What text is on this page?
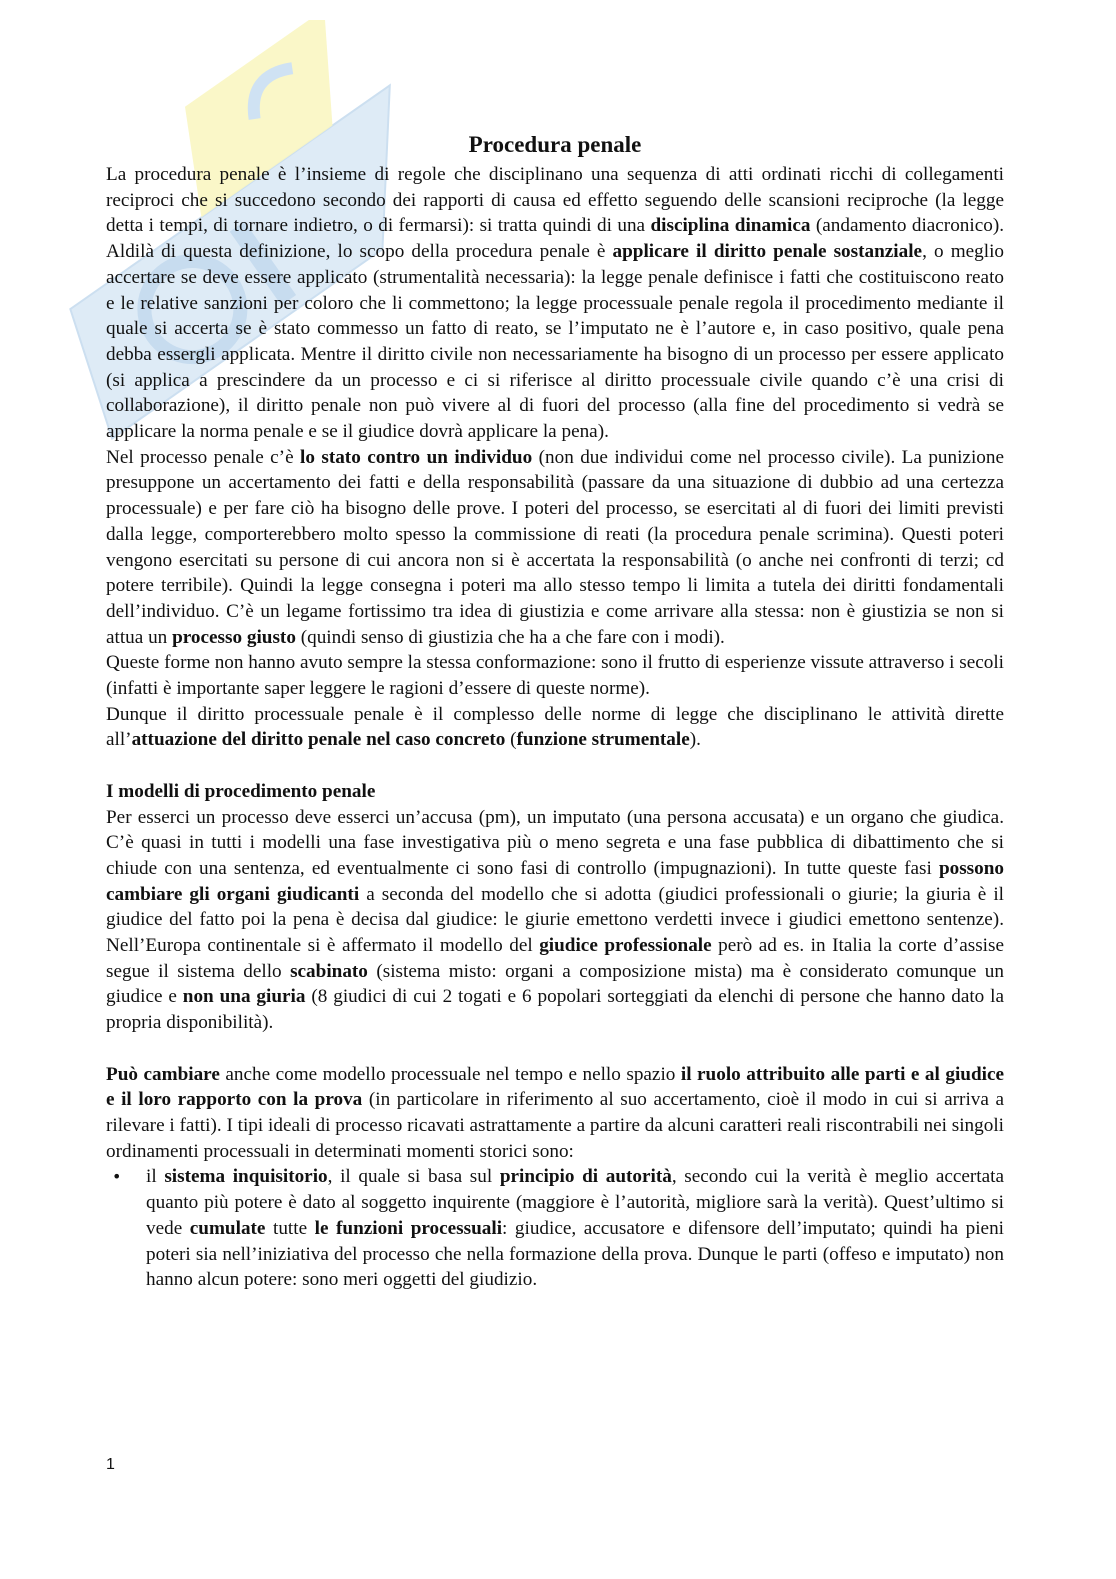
Procedura penale

La procedura penale è l’insieme di regole che disciplinano una sequenza di atti ordinati ricchi di collegamenti reciproci che si succedono secondo dei rapporti di causa ed effetto seguendo delle scansioni reciproche (la legge detta i tempi, di tornare indietro, o di fermarsi): si tratta quindi di una disciplina dinamica (andamento diacronico). Aldilà di questa definizione, lo scopo della procedura penale è applicare il diritto penale sostanziale, o meglio accertare se deve essere applicato (strumentalità necessaria): la legge penale definisce i fatti che costituiscono reato e le relative sanzioni per coloro che li commettono; la legge processuale penale regola il procedimento mediante il quale si accerta se è stato commesso un fatto di reato, se l’imputato ne è l’autore e, in caso positivo, quale pena debba essergli applicata. Mentre il diritto civile non necessariamente ha bisogno di un processo per essere applicato (si applica a prescindere da un processo e ci si riferisce al diritto processuale civile quando c’è una crisi di collaborazione), il diritto penale non può vivere al di fuori del processo (alla fine del procedimento si vedrà se applicare la norma penale e se il giudice dovrà applicare la pena).

Nel processo penale c’è lo stato contro un individuo (non due individui come nel processo civile). La punizione presuppone un accertamento dei fatti e della responsabilità (passare da una situazione di dubbio ad una certezza processuale) e per fare ciò ha bisogno delle prove. I poteri del processo, se esercitati al di fuori dei limiti previsti dalla legge, comporterebbero molto spesso la commissione di reati (la procedura penale scrimina). Questi poteri vengono esercitati su persone di cui ancora non si è accertata la responsabilità (o anche nei confronti di terzi; cd potere terribile). Quindi la legge consegna i poteri ma allo stesso tempo li limita a tutela dei diritti fondamentali dell’individuo. C’è un legame fortissimo tra idea di giustizia e come arrivare alla stessa: non è giustizia se non si attua un processo giusto (quindi senso di giustizia che ha a che fare con i modi).

Queste forme non hanno avuto sempre la stessa conformazione: sono il frutto di esperienze vissute attraverso i secoli (infatti è importante saper leggere le ragioni d’essere di queste norme).

Dunque il diritto processuale penale è il complesso delle norme di legge che disciplinano le attività dirette all’attuazione del diritto penale nel caso concreto (funzione strumentale).

I modelli di procedimento penale

Per esserci un processo deve esserci un’accusa (pm), un imputato (una persona accusata) e un organo che giudica. C’è quasi in tutti i modelli una fase investigativa più o meno segreta e una fase pubblica di dibattimento che si chiude con una sentenza, ed eventualmente ci sono fasi di controllo (impugnazioni). In tutte queste fasi possono cambiare gli organi giudicanti a seconda del modello che si adotta (giudici professionali o giurie; la giuria è il giudice del fatto poi la pena è decisa dal giudice: le giurie emettono verdetti invece i giudici emettono sentenze). Nell’Europa continentale si è affermato il modello del giudice professionale però ad es. in Italia la corte d’assise segue il sistema dello scabinato (sistema misto: organi a composizione mista) ma è considerato comunque un giudice e non una giuria (8 giudici di cui 2 togati e 6 popolari sorteggiati da elenchi di persone che hanno dato la propria disponibilità).

Può cambiare anche come modello processuale nel tempo e nello spazio il ruolo attribuito alle parti e al giudice e il loro rapporto con la prova (in particolare in riferimento al suo accertamento, cioè il modo in cui si arriva a rilevare i fatti). I tipi ideali di processo ricavati astrattamente a partire da alcuni caratteri reali riscontrabili nei singoli ordinamenti processuali in determinati momenti storici sono:

• il sistema inquisitorio, il quale si basa sul principio di autorità, secondo cui la verità è meglio accertata quanto più potere è dato al soggetto inquirente (maggiore è l’autorità, migliore sarà la verità). Quest’ultimo si vede cumulate tutte le funzioni processuali: giudice, accusatore e difensore dell’imputato; quindi ha pieni poteri sia nell’iniziativa del processo che nella formazione della prova. Dunque le parti (offeso e imputato) non hanno alcun potere: sono meri oggetti del giudizio.
1
